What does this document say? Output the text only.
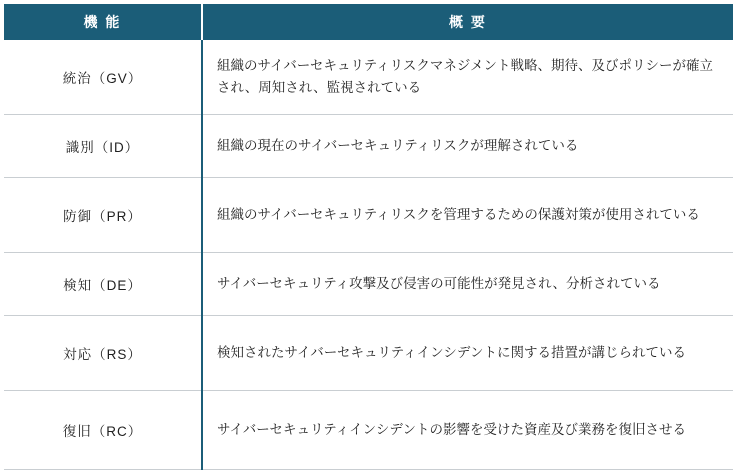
機 能	概 要
統治（GV）	組織のサイバーセキュリティリスクマネジメント戦略、期待、及びポリシーが確立され、周知され、監視されている
識別（ID）	組織の現在のサイバーセキュリティリスクが理解されている
防御（PR）	組織のサイバーセキュリティリスクを管理するための保護対策が使用されている
検知（DE）	サイバーセキュリティ攻撃及び侵害の可能性が発見され、分析されている
対応（RS）	検知されたサイバーセキュリティインシデントに関する措置が講じられている
復旧（RC）	サイバーセキュリティインシデントの影響を受けた資産及び業務を復旧させる
